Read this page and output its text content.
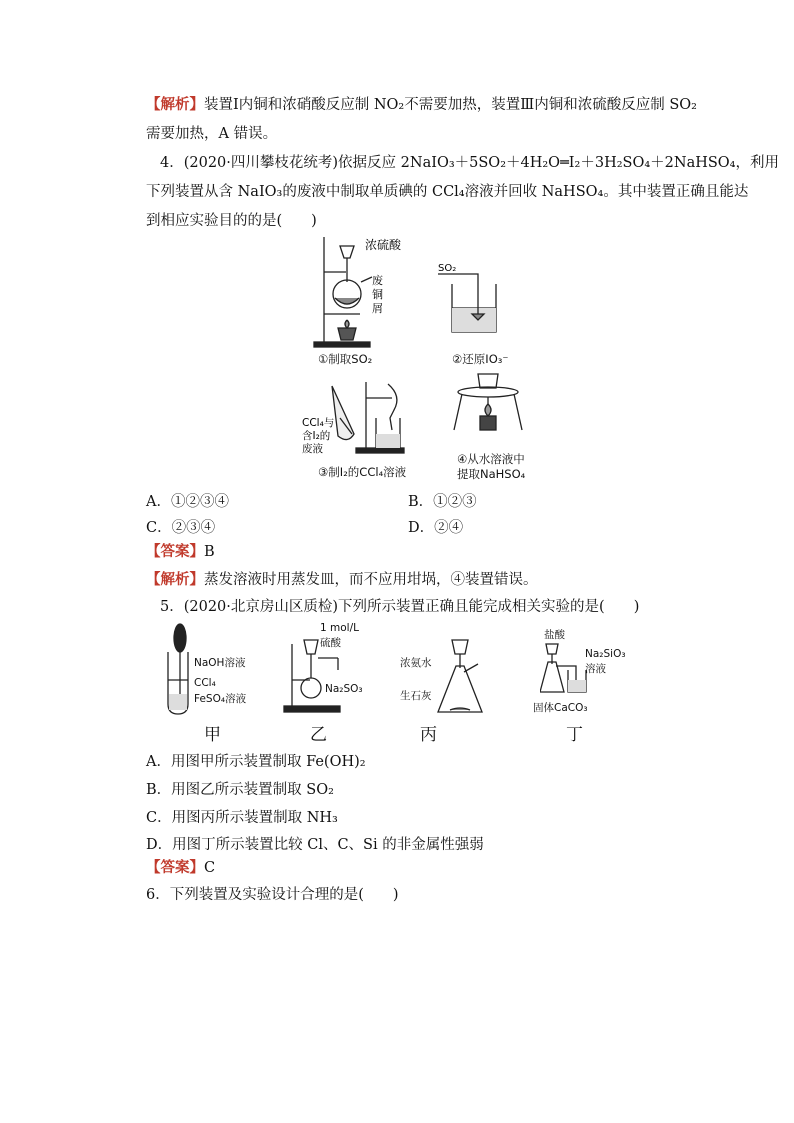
【解析】装置Ⅰ内铜和浓硝酸反应制 NO₂不需要加热，装置Ⅲ内铜和浓硫酸反应制 SO₂
需要加热，A 错误。
4．(2020·四川攀枝花统考)依据反应 2NaIO₃＋5SO₂＋4H₂O═I₂＋3H₂SO₄＋2NaHSO₄，利用
下列装置从含 NaIO₃的废液中制取单质碘的 CCl₄溶液并回收 NaHSO₄。其中装置正确且能达
到相应实验目的的是(　　)
浓硫酸
废
铜
屑
①制取SO₂
SO₂
②还原IO₃⁻
CCl₄与
含I₂的
废液
③制I₂的CCl₄溶液
④从水溶液中
提取NaHSO₄
A．①②③④	B．①②③
C．②③④	D．②④
【答案】B
【解析】蒸发溶液时用蒸发皿，而不应用坩埚，④装置错误。
5．(2020·北京房山区质检)下列所示装置正确且能完成相关实验的是(　　)
NaOH溶液
CCl₄
FeSO₄溶液
甲
1 mol/L
硫酸
Na₂SO₃
乙
浓氨水
生石灰
丙
盐酸
Na₂SiO₃
溶液
固体CaCO₃
丁
A．用图甲所示装置制取 Fe(OH)₂
B．用图乙所示装置制取 SO₂
C．用图丙所示装置制取 NH₃
D．用图丁所示装置比较 Cl、C、Si 的非金属性强弱
【答案】C
6．下列装置及实验设计合理的是(　　)
